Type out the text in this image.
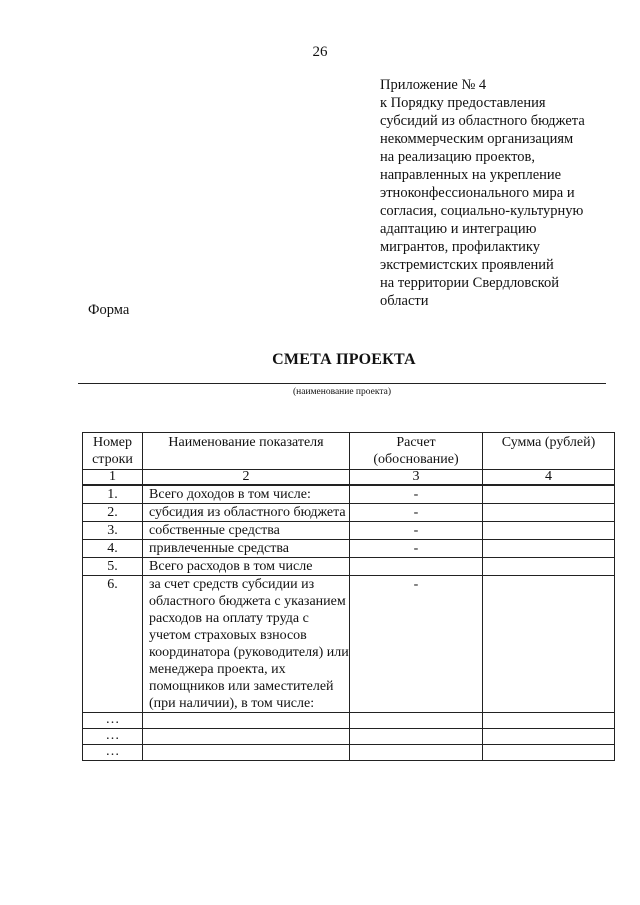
26
Приложение № 4
к Порядку предоставления
субсидий из областного бюджета
некоммерческим организациям
на реализацию проектов,
направленных на укрепление
этноконфессионального мира и
согласия, социально-культурную
адаптацию и интеграцию
мигрантов, профилактику
экстремистских проявлений
на территории Свердловской
области
Форма
СМЕТА ПРОЕКТА
(наименование проекта)
Номер строки	Наименование показателя	Расчет (обоснование)	Сумма (рублей)
1	2	3	4
1.	Всего доходов в том числе:	-	
2.	субсидия из областного бюджета	-	
3.	собственные средства	-	
4.	привлеченные средства	-	
5.	Всего расходов в том числе		
6.	за счет средств субсидии из областного бюджета с указанием расходов на оплату труда с учетом страховых взносов координатора (руководителя) или менеджера проекта, их помощников или заместителей (при наличии), в том числе:	-	
…			
…			
…			
